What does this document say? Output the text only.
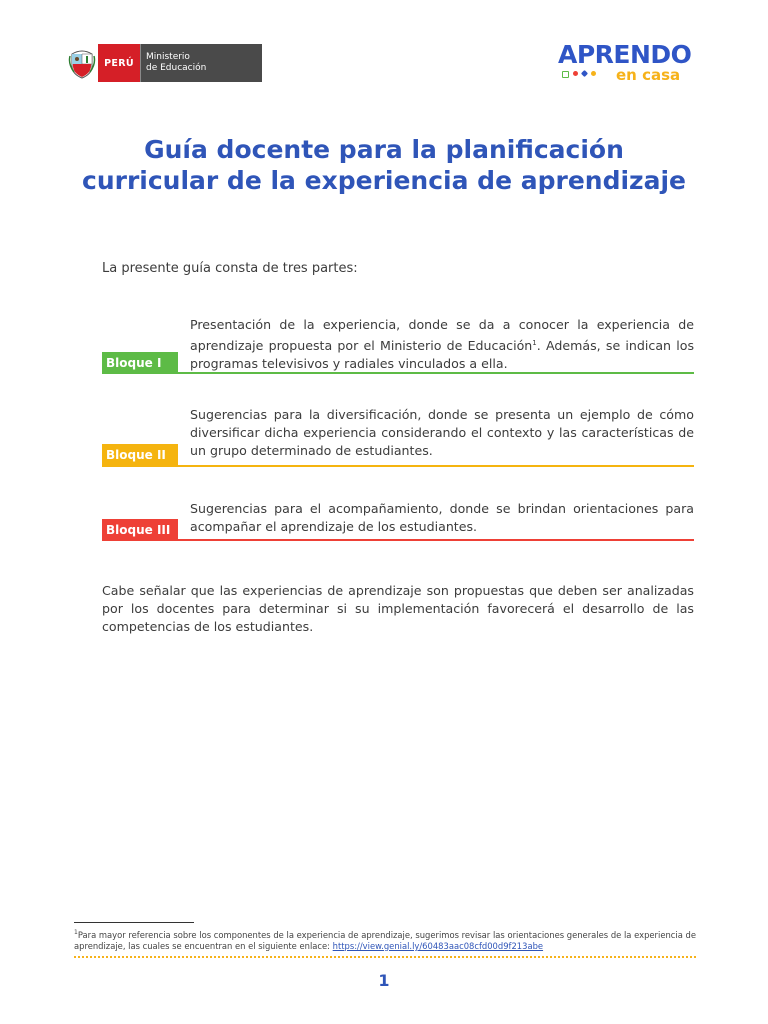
PERÚ
Ministerio
de Educación	APRENDO
en casa
Guía docente para la planificación
curricular de la experiencia de aprendizaje
La presente guía consta de tres partes:
Presentación de la experiencia, donde se da a conocer la experiencia de aprendizaje propuesta por el Ministerio de Educación$^1$. Además, se indican los programas televisivos y radiales vinculados a ella.
Bloque I
Sugerencias para la diversificación, donde se presenta un ejemplo de cómo diversificar dicha experiencia considerando el contexto y las características de un grupo determinado de estudiantes.
Bloque II
Sugerencias para el acompañamiento, donde se brindan orientaciones para acompañar el aprendizaje de los estudiantes.
Bloque III
Cabe señalar que las experiencias de aprendizaje son propuestas que deben ser analizadas por los docentes para determinar si su implementación favorecerá el desarrollo de las competencias de los estudiantes.
$^1$Para mayor referencia sobre los componentes de la experiencia de aprendizaje, sugerimos revisar las orientaciones generales de la experiencia de aprendizaje, las cuales se encuentran en el siguiente enlace: https://view.genial.ly/60483aac08cfd00d9f213abe
1
